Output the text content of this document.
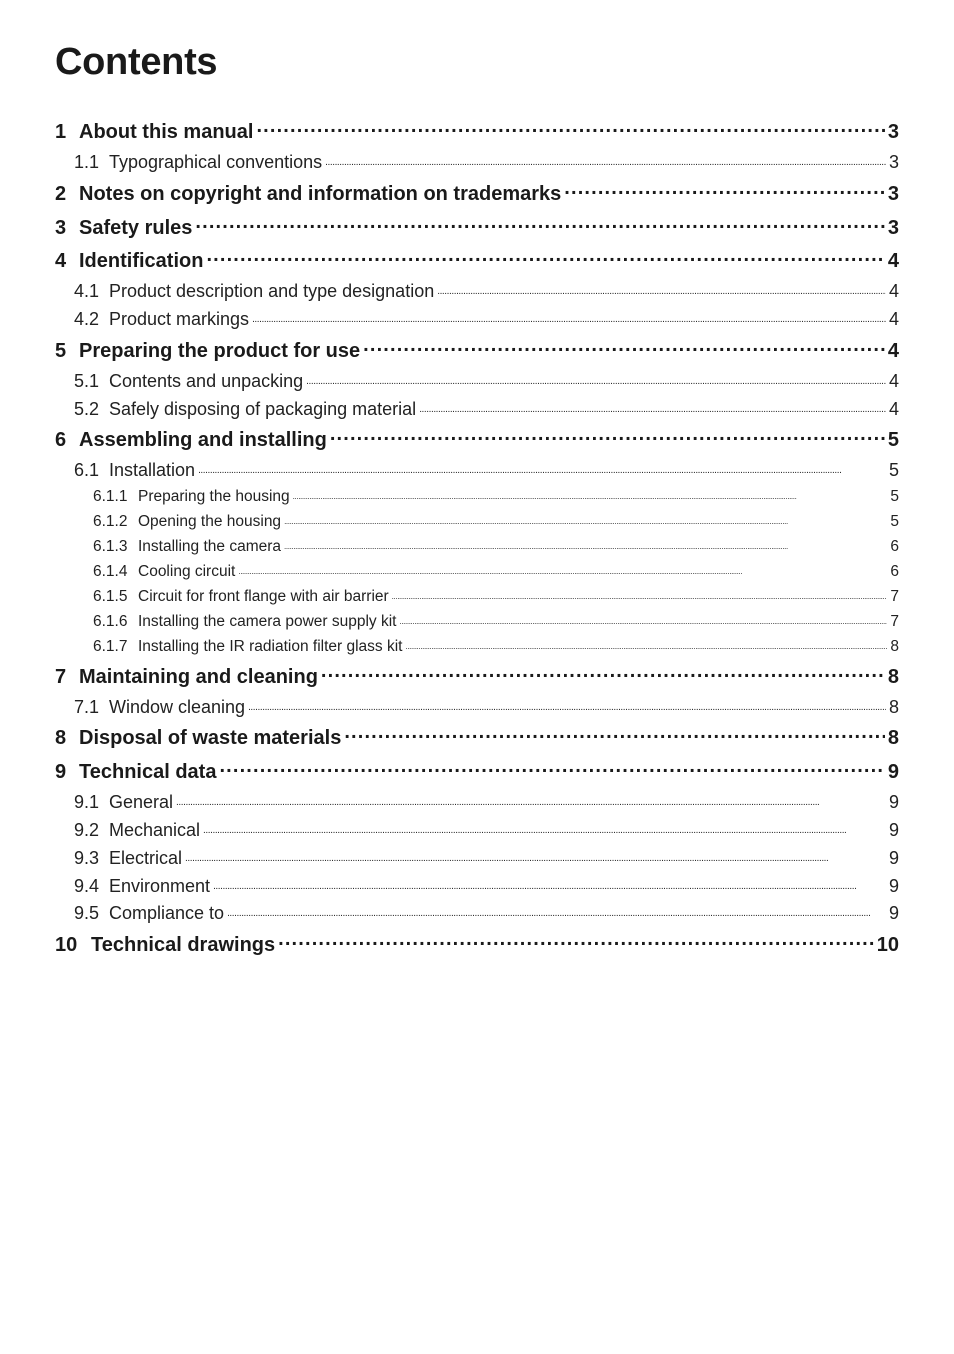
Contents
1 About this manual . . .	3
1.1 Typographical conventions . . .	3
2 Notes on copyright and information on trademarks . . .	3
3 Safety rules . . .	3
4 Identification . . .	4
4.1 Product description and type designation . . .	4
4.2 Product markings . . .	4
5 Preparing the product for use . . .	4
5.1 Contents and unpacking . . .	4
5.2 Safely disposing of packaging material . . .	4
6 Assembling and installing . . .	5
6.1 Installation . . .	5
6.1.1 Preparing the housing . . .	5
6.1.2 Opening the housing . . .	5
6.1.3 Installing the camera . . .	6
6.1.4 Cooling circuit . . .	6
6.1.5 Circuit for front flange with air barrier . . .	7
6.1.6 Installing the camera power supply kit . . .	7
6.1.7 Installing the IR radiation filter glass kit . . .	8
7 Maintaining and cleaning . . .	8
7.1 Window cleaning . . .	8
8 Disposal of waste materials . . .	8
9 Technical data . . .	9
9.1 General . . .	9
9.2 Mechanical . . .	9
9.3 Electrical . . .	9
9.4 Environment . . .	9
9.5 Compliance to . . .	9
10 Technical drawings . . .	10
